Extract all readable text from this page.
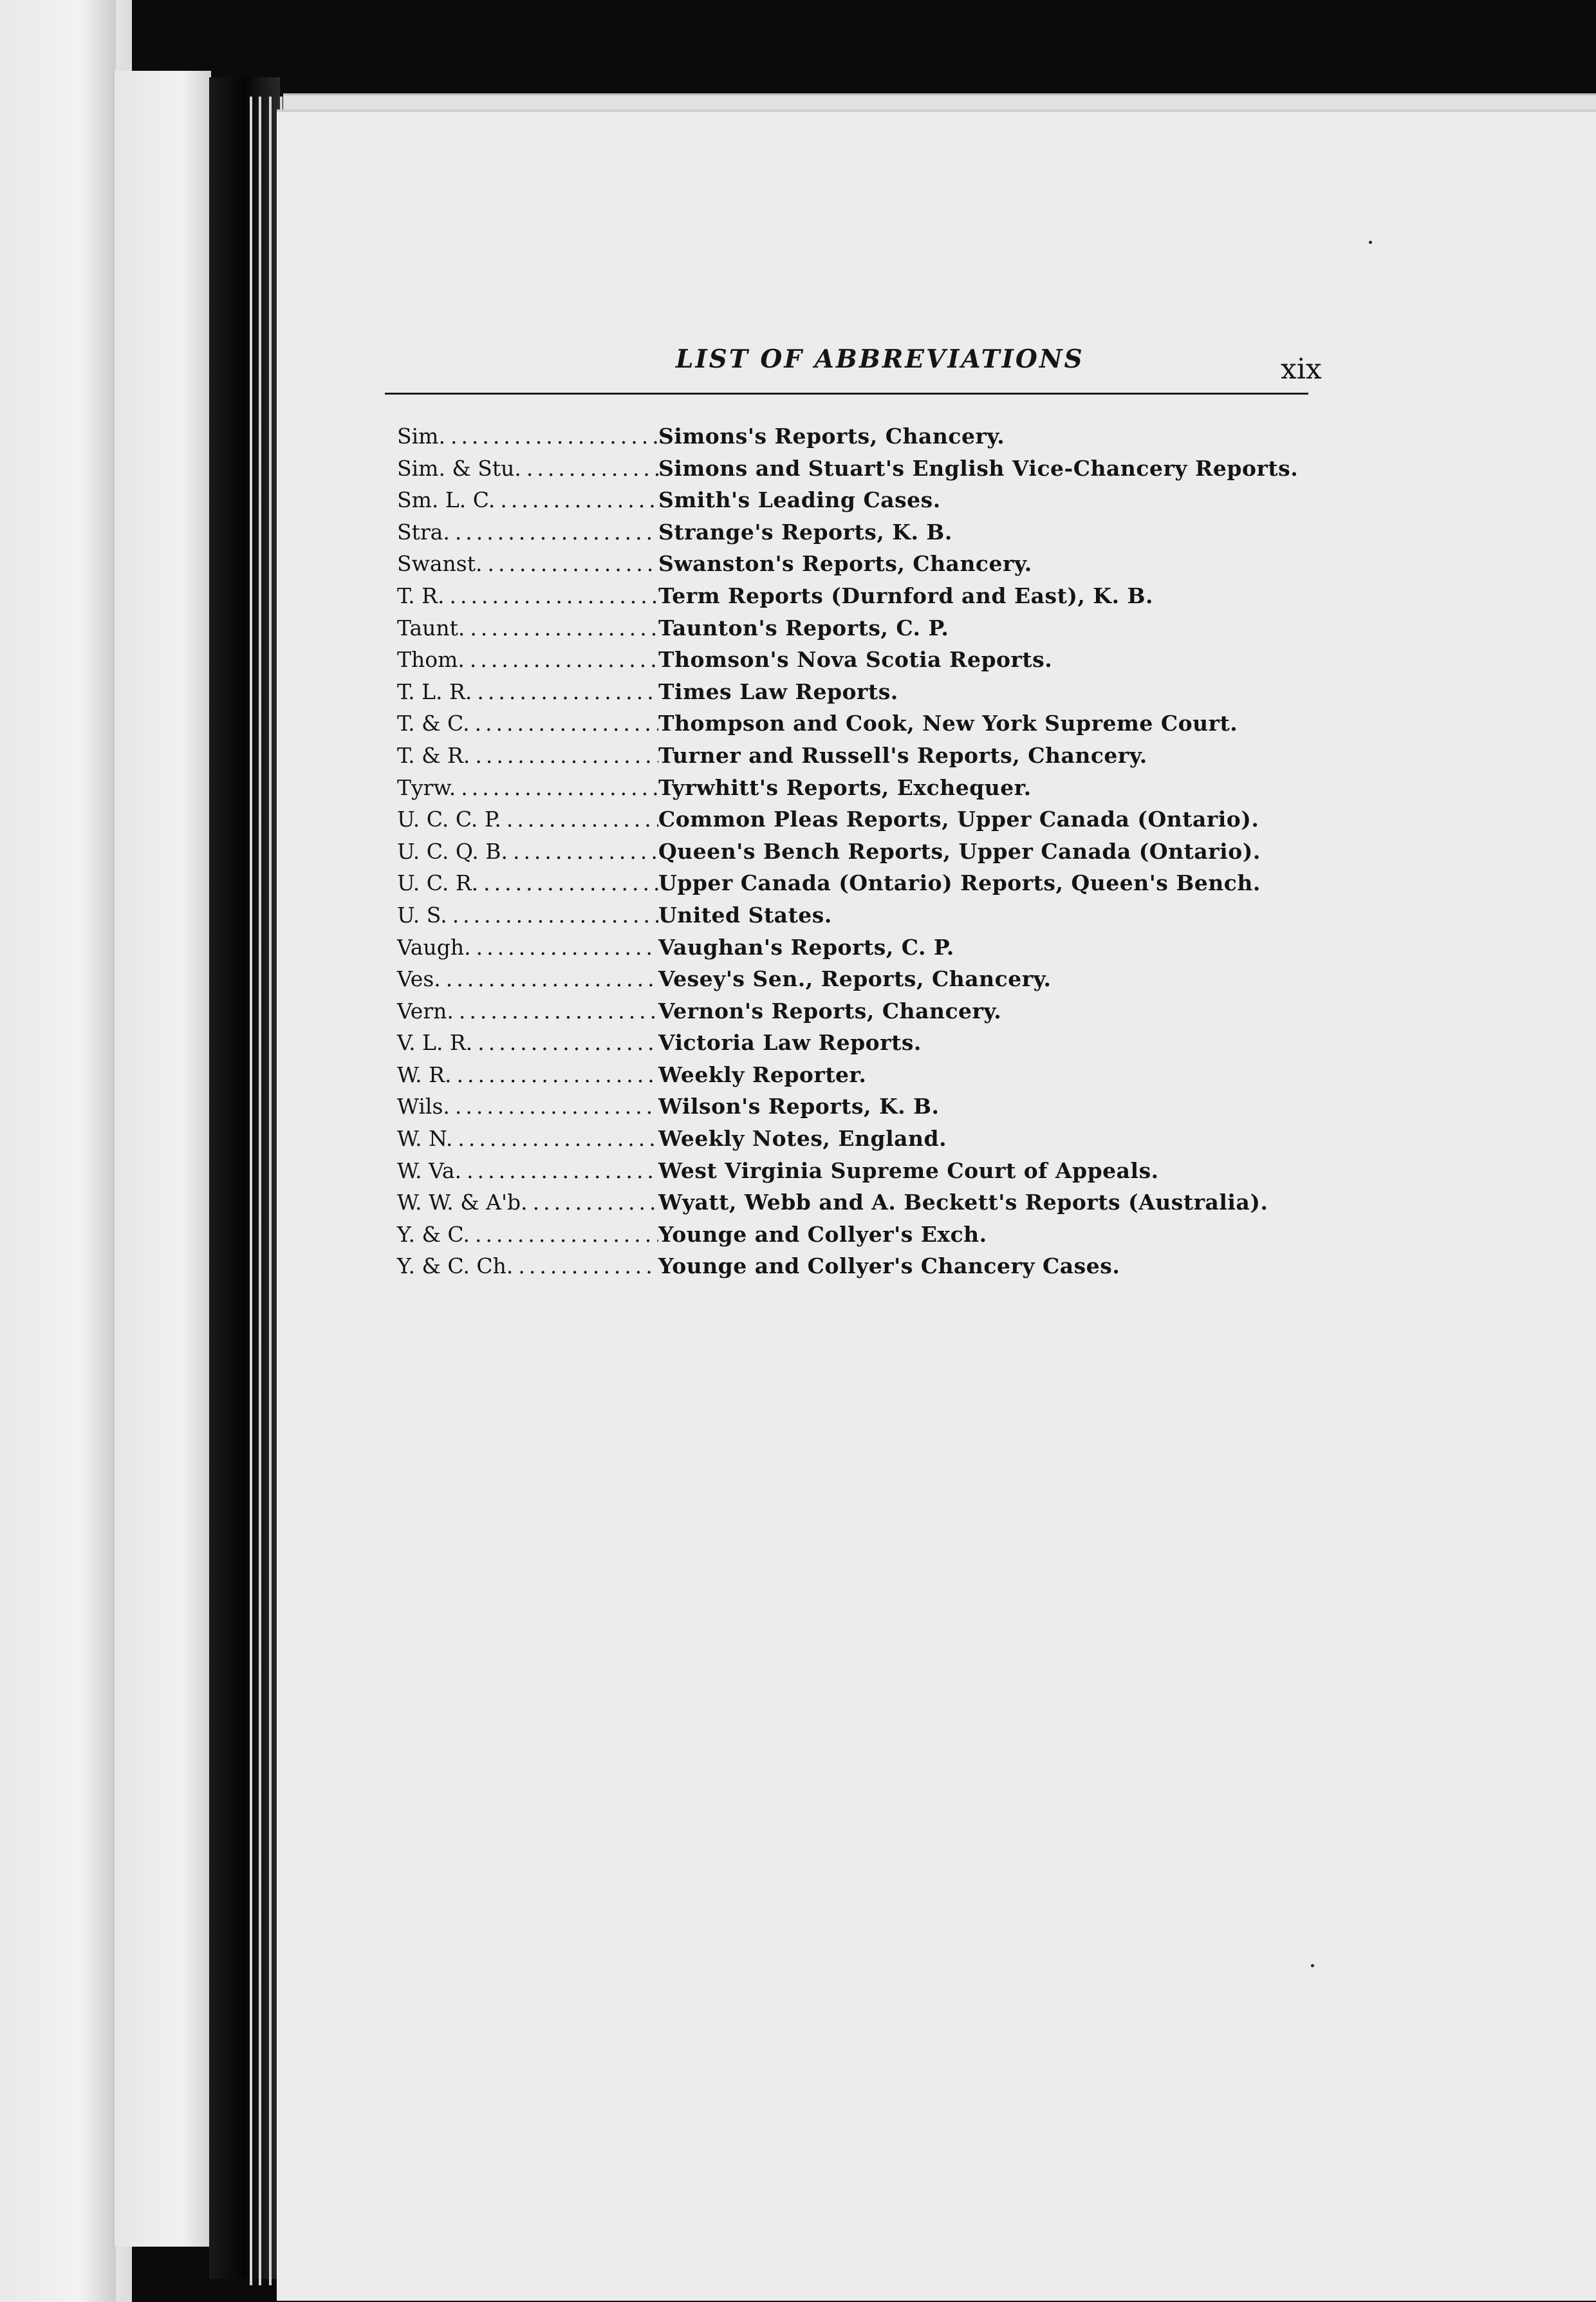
LIST OF ABBREVIATIONS	xix
Sim. .....	Simons's Reports, Chancery.
Sim. & Stu. .....	Simons and Stuart's English Vice-Chancery Reports.
Sm. L. C. .....	Smith's Leading Cases.
Stra. .....	Strange's Reports, K. B.
Swanst. .....	Swanston's Reports, Chancery.
T. R. .....	Term Reports (Durnford and East), K. B.
Taunt. .....	Taunton's Reports, C. P.
Thom. .....	Thomson's Nova Scotia Reports.
T. L. R. .....	Times Law Reports.
T. & C. .....	Thompson and Cook, New York Supreme Court.
T. & R. .....	Turner and Russell's Reports, Chancery.
Tyrw. .....	Tyrwhitt's Reports, Exchequer.
U. C. C. P. .....	Common Pleas Reports, Upper Canada (Ontario).
U. C. Q. B. .....	Queen's Bench Reports, Upper Canada (Ontario).
U. C. R. .....	Upper Canada (Ontario) Reports, Queen's Bench.
U. S. .....	United States.
Vaugh. .....	Vaughan's Reports, C. P.
Ves. .....	Vesey's Sen., Reports, Chancery.
Vern. .....	Vernon's Reports, Chancery.
V. L. R. .....	Victoria Law Reports.
W. R. .....	Weekly Reporter.
Wils. .....	Wilson's Reports, K. B.
W. N. .....	Weekly Notes, England.
W. Va. .....	West Virginia Supreme Court of Appeals.
W. W. & A'b. .....	Wyatt, Webb and A. Beckett's Reports (Australia).
Y. & C. .....	Younge and Collyer's Exch.
Y. & C. Ch. .....	Younge and Collyer's Chancery Cases.
